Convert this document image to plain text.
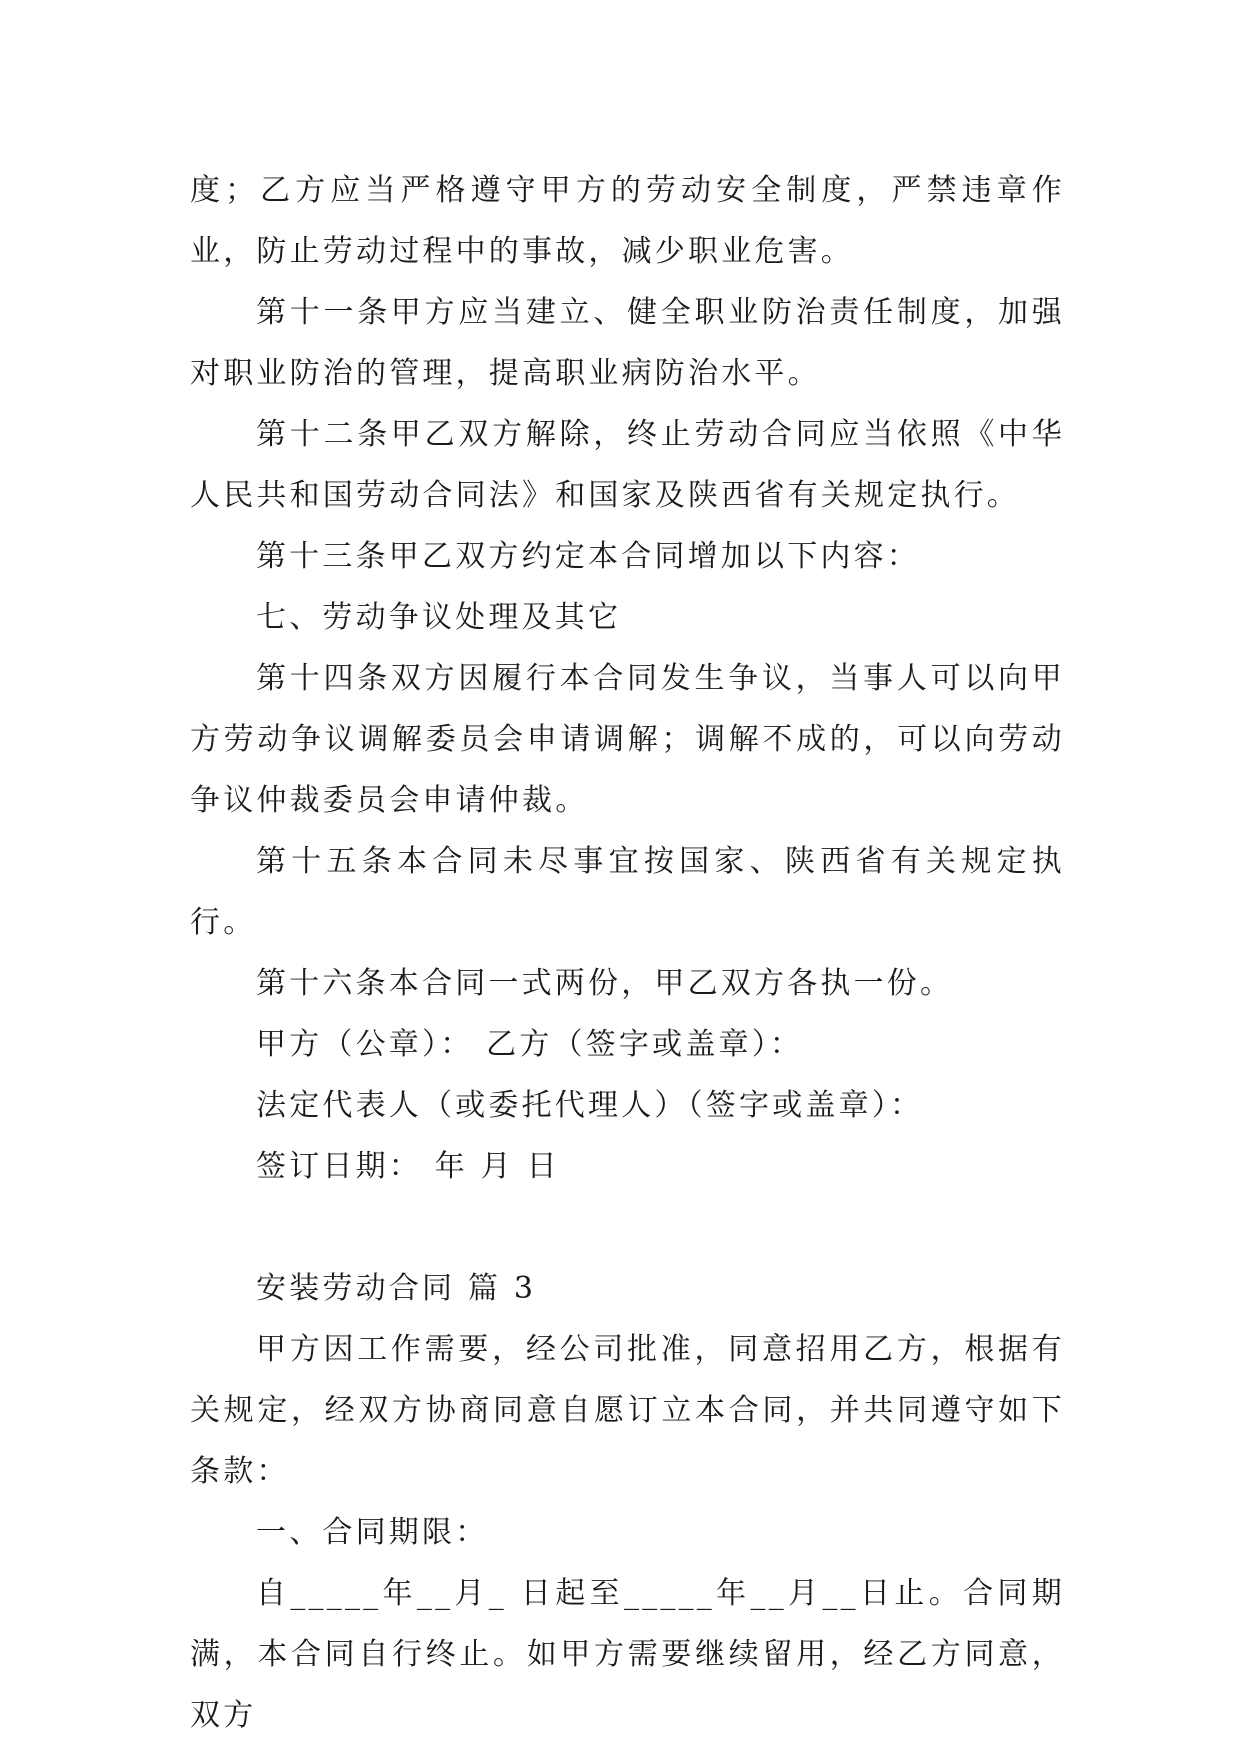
度；乙方应当严格遵守甲方的劳动安全制度，严禁违章作业，防止劳动过程中的事故，减少职业危害。

第十一条甲方应当建立、健全职业防治责任制度，加强对职业防治的管理，提高职业病防治水平。

第十二条甲乙双方解除，终止劳动合同应当依照《中华人民共和国劳动合同法》和国家及陕西省有关规定执行。

第十三条甲乙双方约定本合同增加以下内容：

七、劳动争议处理及其它

第十四条双方因履行本合同发生争议，当事人可以向甲方劳动争议调解委员会申请调解；调解不成的，可以向劳动争议仲裁委员会申请仲裁。

第十五条本合同未尽事宜按国家、陕西省有关规定执行。

第十六条本合同一式两份，甲乙双方各执一份。

甲方（公章）： 乙方（签字或盖章）：

法定代表人（或委托代理人）（签字或盖章）：

签订日期： 年 月 日

安装劳动合同 篇 3

甲方因工作需要，经公司批准，同意招用乙方，根据有关规定，经双方协商同意自愿订立本合同，并共同遵守如下条款：

一、合同期限：

自_____年__月_ 日起至_____年__月__日止。合同期满，本合同自行终止。如甲方需要继续留用，经乙方同意，双方
